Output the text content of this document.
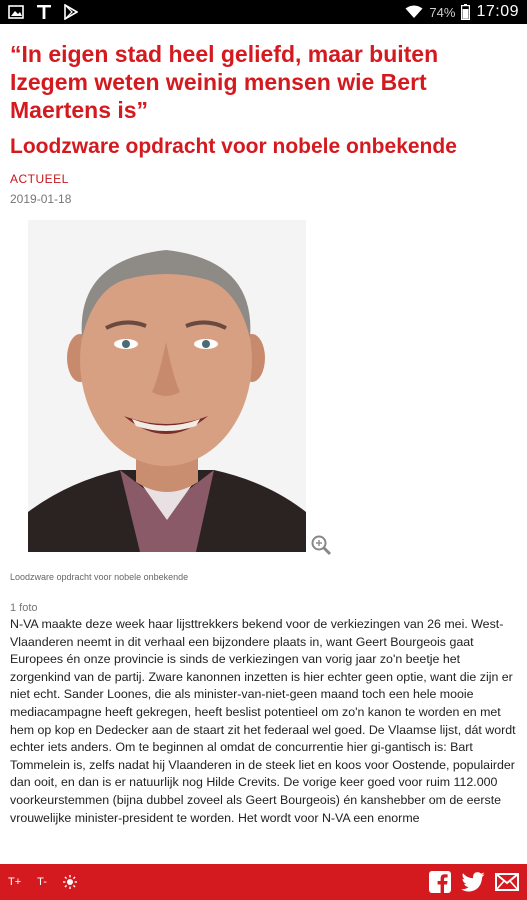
74% 17:09
“In eigen stad heel geliefd, maar buiten Izegem weten weinig mensen wie Bert Maertens is”
Loodzware opdracht voor nobele onbekende
ACTUEEL
2019-01-18
Loodzware opdracht voor nobele onbekende
1 foto

N-VA maakte deze week haar lijsttrekkers bekend voor de verkiezingen van 26 mei. West-Vlaanderen neemt in dit verhaal een bijzondere plaats in, want Geert Bourgeois gaat Europees én onze provincie is sinds de verkiezingen van vorig jaar zo'n beetje het zorgenkind van de partij. Zware kanonnen inzetten is hier echter geen optie, want die zijn er niet echt. Sander Loones, die als minister-van-niet-geen maand toch een hele mooie mediacampagne heeft gekregen, heeft beslist potentieel om zo'n kanon te worden en met hem op kop en Dedecker aan de staart zit het federaal wel goed. De Vlaamse lijst, dát wordt echter iets anders. Om te beginnen al omdat de concurrentie hier gi-gantisch is: Bart Tommelein is, zelfs nadat hij Vlaanderen in de steek liet en koos voor Oostende, populairder dan ooit, en dan is er natuurlijk nog Hilde Crevits. De vorige keer goed voor ruim 112.000 voorkeurstemmen (bijna dubbel zoveel als Geert Bourgeois) én kanshebber om de eerste vrouwelijke minister-president te worden. Het wordt voor N-VA een enorme

T+ T-
